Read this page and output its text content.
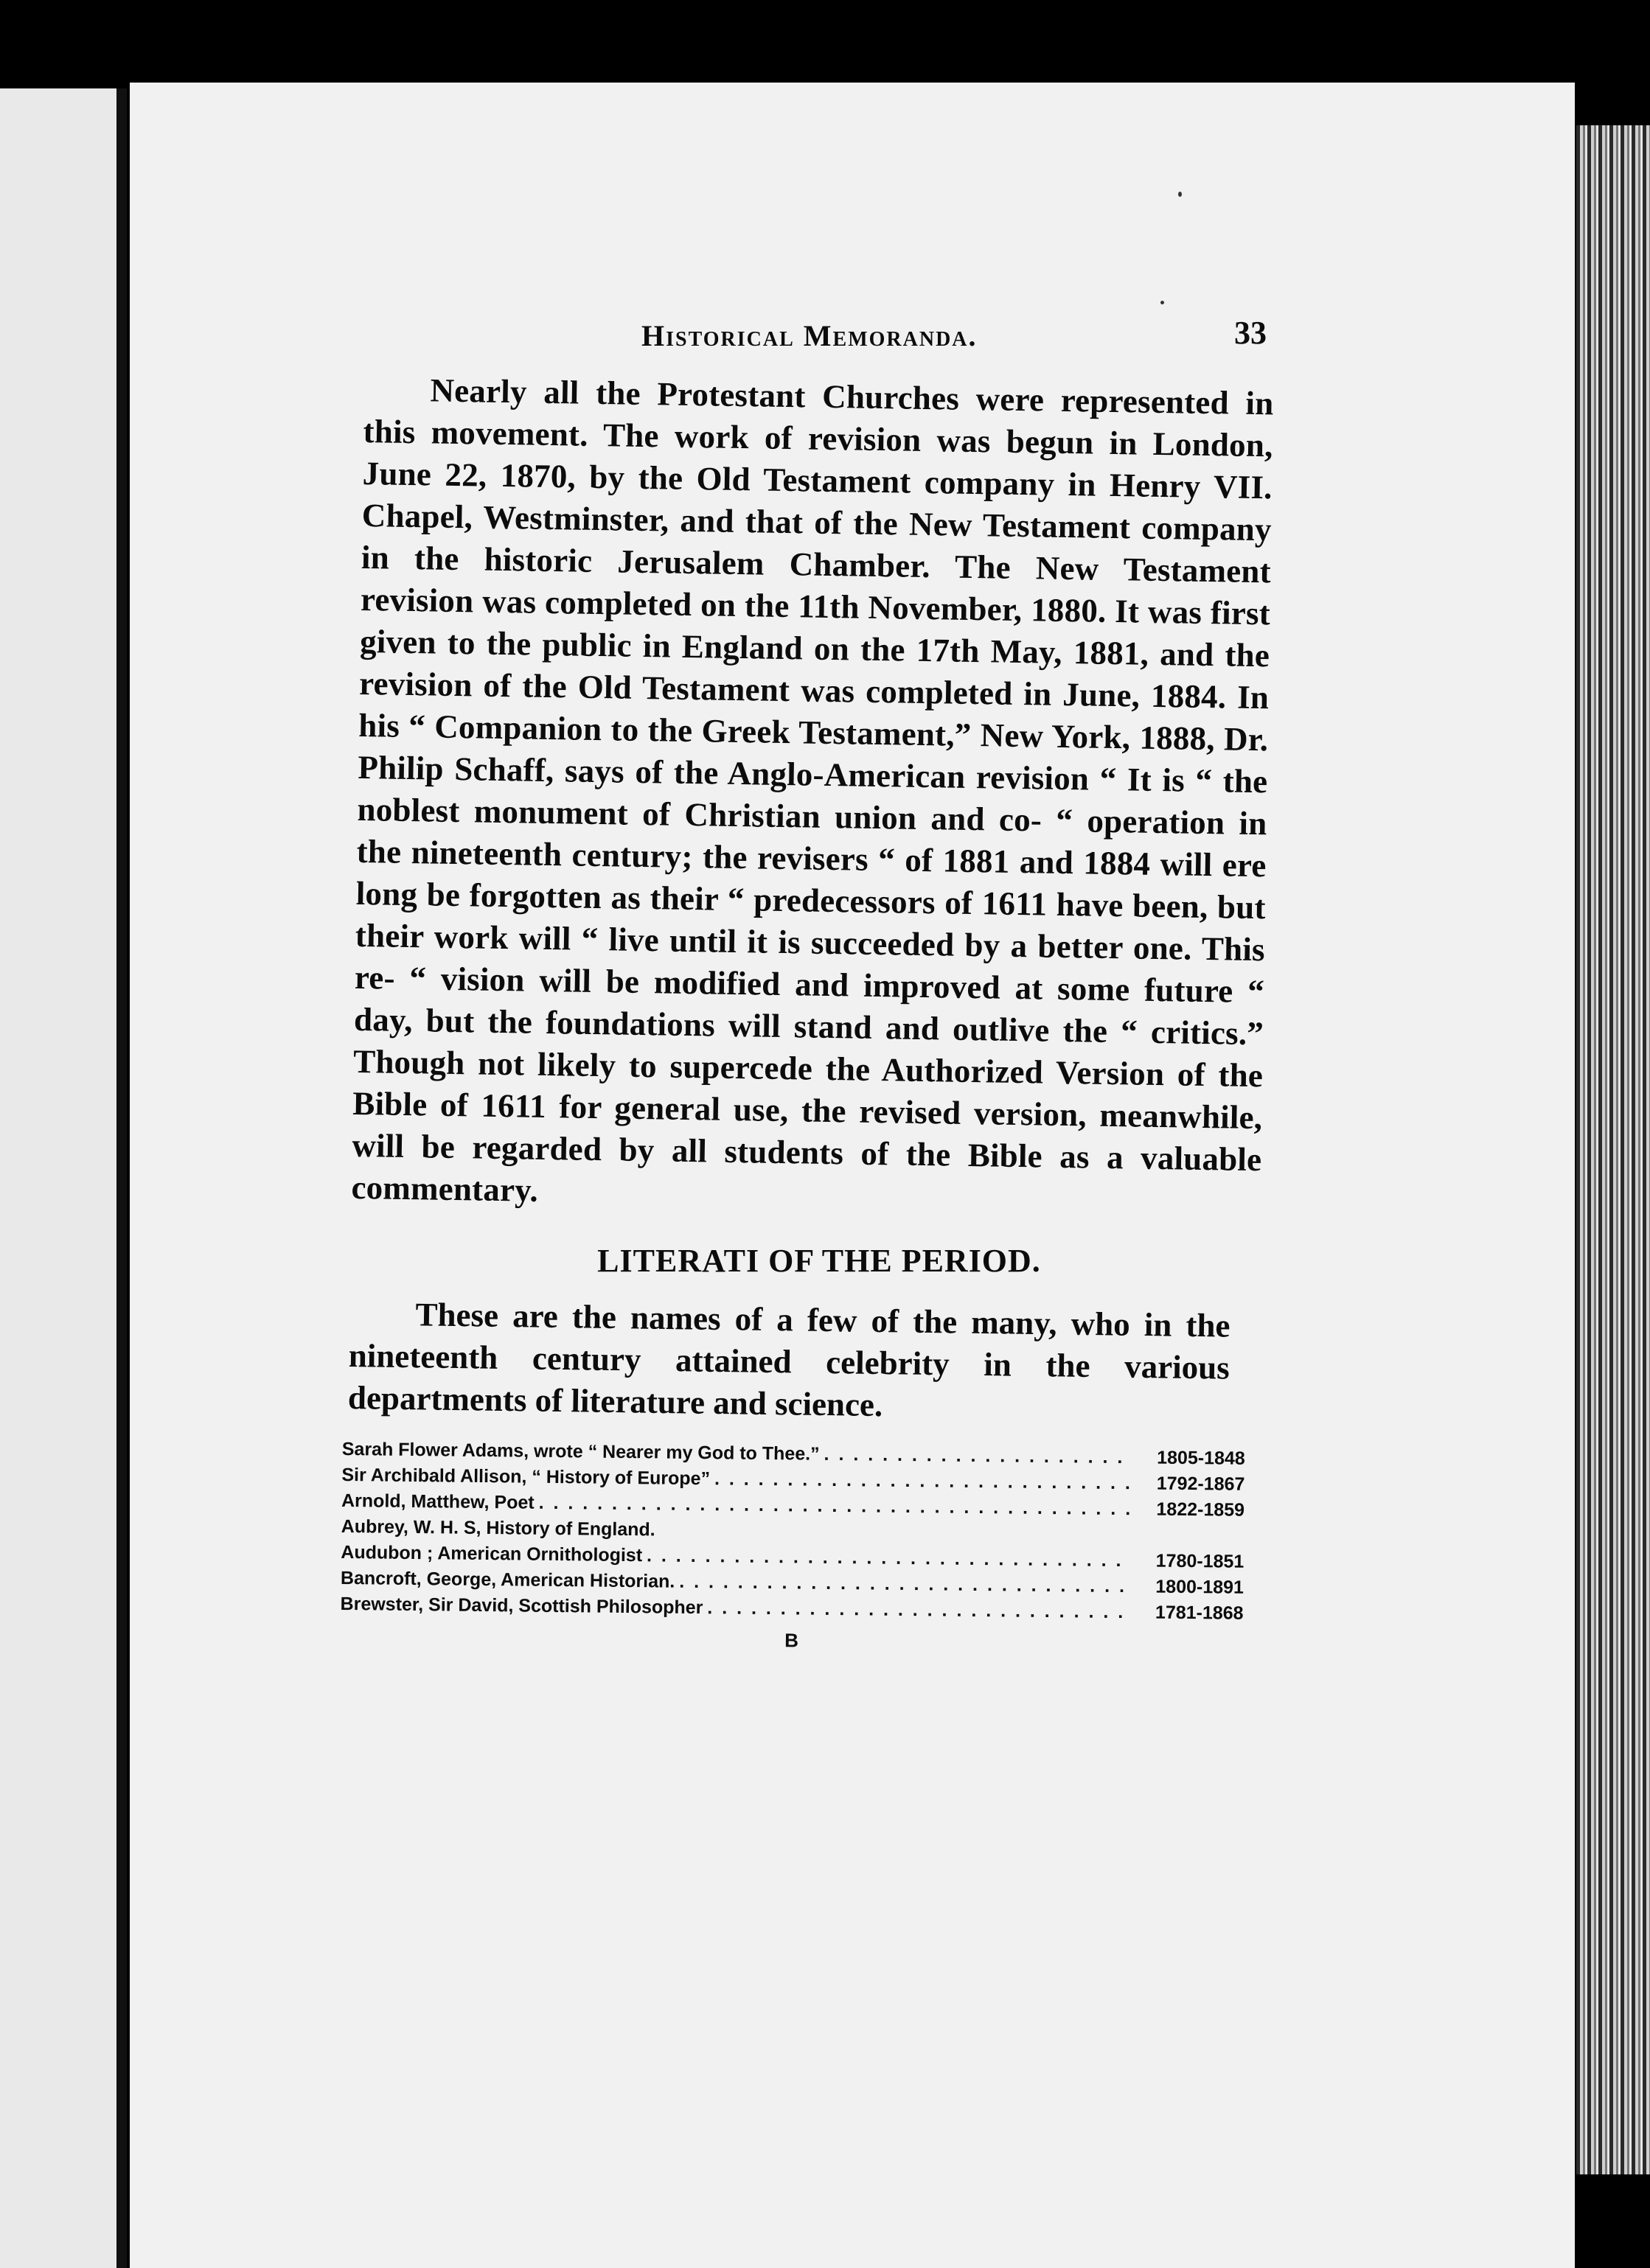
Historical Memoranda.	33

Nearly all the Protestant Churches were represented in this movement. The work of revision was begun in London, June 22, 1870, by the Old Testament company in Henry VII. Chapel, Westminster, and that of the New Testament company in the historic Jerusalem Chamber. The New Testament revision was completed on the 11th November, 1880. It was first given to the public in England on the 17th May, 1881, and the revision of the Old Testament was completed in June, 1884. In his “ Companion to the Greek Testament,” New York, 1888, Dr. Philip Schaff, says of the Anglo-American revision “ It is “ the noblest monument of Christian union and co- “ operation in the nineteenth century; the revisers “ of 1881 and 1884 will ere long be forgotten as their “ predecessors of 1611 have been, but their work will “ live until it is succeeded by a better one. This re- “ vision will be modified and improved at some future “ day, but the foundations will stand and outlive the “ critics.” Though not likely to supercede the Authorized Version of the Bible of 1611 for general use, the revised version, meanwhile, will be regarded by all students of the Bible as a valuable commentary.

LITERATI OF THE PERIOD.

These are the names of a few of the many, who in the nineteenth century attained celebrity in the various departments of literature and science.

Sarah Flower Adams, wrote “ Nearer my God to Thee.” . . .	1805-1848
Sir Archibald Allison, “ History of Europe” . . .	1792-1867
Arnold, Matthew, Poet . . .	1822-1859
Aubrey, W. H. S, History of England.
Audubon ; American Ornithologist . . .	1780-1851
Bancroft, George, American Historian. . . .	1800-1891
Brewster, Sir David, Scottish Philosopher . . .	1781-1868
B
